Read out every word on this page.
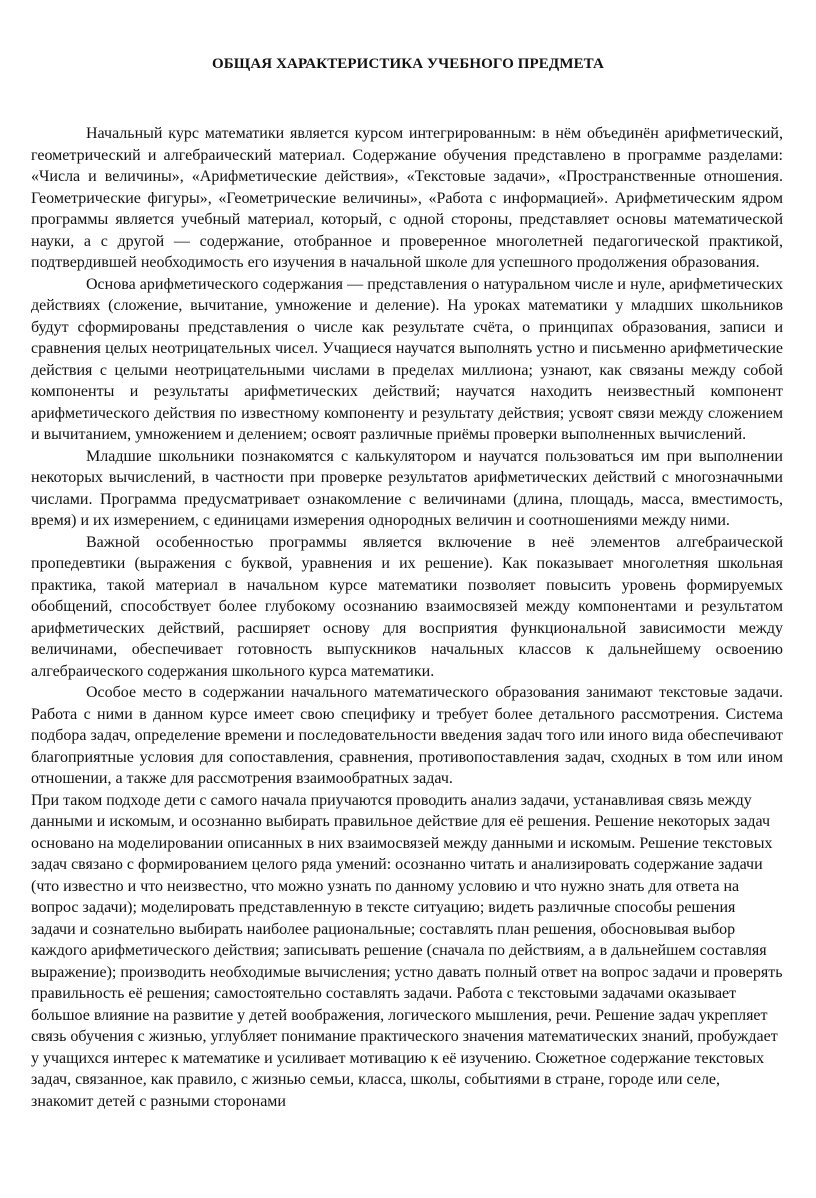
ОБЩАЯ ХАРАКТЕРИСТИКА УЧЕБНОГО ПРЕДМЕТА

Начальный курс математики является курсом интегрированным: в нём объединён арифметический, геометрический и алгебраический материал. Содержание обучения представлено в программе разделами: «Числа и величины», «Арифметические действия», «Текстовые задачи», «Пространственные отношения. Геометрические фигуры», «Геометрические величины», «Работа с информацией». Арифметическим ядром программы является учебный материал, который, с одной стороны, представляет основы математической науки, а с другой — содержание, отобранное и проверенное многолетней педагогической практикой, подтвердившей необходимость его изучения в начальной школе для успешного продолжения образования.

Основа арифметического содержания — представления о натуральном числе и нуле, арифметических действиях (сложение, вычитание, умножение и деление). На уроках математики у младших школьников будут сформированы представления о числе как результате счёта, о принципах образования, записи и сравнения целых неотрицательных чисел. Учащиеся научатся выполнять устно и письменно арифметические действия с целыми неотрицательными числами в пределах миллиона; узнают, как связаны между собой компоненты и результаты арифметических действий; научатся находить неизвестный компонент арифметического действия по известному компоненту и результату действия; усвоят связи между сложением и вычитанием, умножением и делением; освоят различные приёмы проверки выполненных вычислений.

Младшие школьники познакомятся с калькулятором и научатся пользоваться им при выполнении некоторых вычислений, в частности при проверке результатов арифметических действий с многозначными числами. Программа предусматривает ознакомление с величинами (длина, площадь, масса, вместимость, время) и их измерением, с единицами измерения однородных величин и соотношениями между ними.

Важной особенностью программы является включение в неё элементов алгебраической пропедевтики (выражения с буквой, уравнения и их решение). Как показывает многолетняя школьная практика, такой материал в начальном курсе математики позволяет повысить уровень формируемых обобщений, способствует более глубокому осознанию взаимосвязей между компонентами и результатом арифметических действий, расширяет основу для восприятия функциональной зависимости между величинами, обеспечивает готовность выпускников начальных классов к дальнейшему освоению алгебраического содержания школьного курса математики.

Особое место в содержании начального математического образования занимают текстовые задачи. Работа с ними в данном курсе имеет свою специфику и требует более детального рассмотрения. Система подбора задач, определение времени и последовательности введения задач того или иного вида обеспечивают благоприятные условия для сопоставления, сравнения, противопоставления задач, сходных в том или ином отношении, а также для рассмотрения взаимообратных задач.

При таком подходе дети с самого начала приучаются проводить анализ задачи, устанавливая связь между данными и искомым, и осознанно выбирать правильное действие для её решения. Решение некоторых задач основано на моделировании описанных в них взаимосвязей между данными и искомым. Решение текстовых задач связано с формированием целого ряда умений: осознанно читать и анализировать содержание задачи (что известно и что неизвестно, что можно узнать по данному условию и что нужно знать для ответа на вопрос задачи); моделировать представленную в тексте ситуацию; видеть различные способы решения задачи и сознательно выбирать наиболее рациональные; составлять план решения, обосновывая выбор каждого арифметического действия; записывать решение (сначала по действиям, а в дальнейшем составляя выражение); производить необходимые вычисления; устно давать полный ответ на вопрос задачи и проверять правильность её решения; самостоятельно составлять задачи. Работа с текстовыми задачами оказывает большое влияние на развитие у детей воображения, логического мышления, речи. Решение задач укрепляет связь обучения с жизнью, углубляет понимание практического значения математических знаний, пробуждает у учащихся интерес к математике и усиливает мотивацию к её изучению. Сюжетное содержание текстовых задач, связанное, как правило, с жизнью семьи, класса, школы, событиями в стране, городе или селе, знакомит детей с разными сторонами
